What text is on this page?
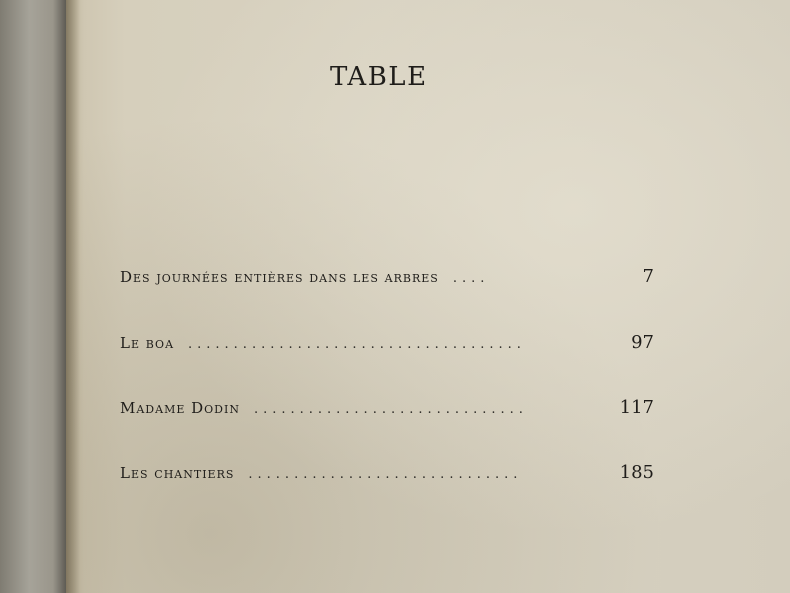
TABLE
Des journées entières dans les arbres ....	7
Le boa .....................................	97
Madame Dodin ..............................	117
Les chantiers ..............................	185
